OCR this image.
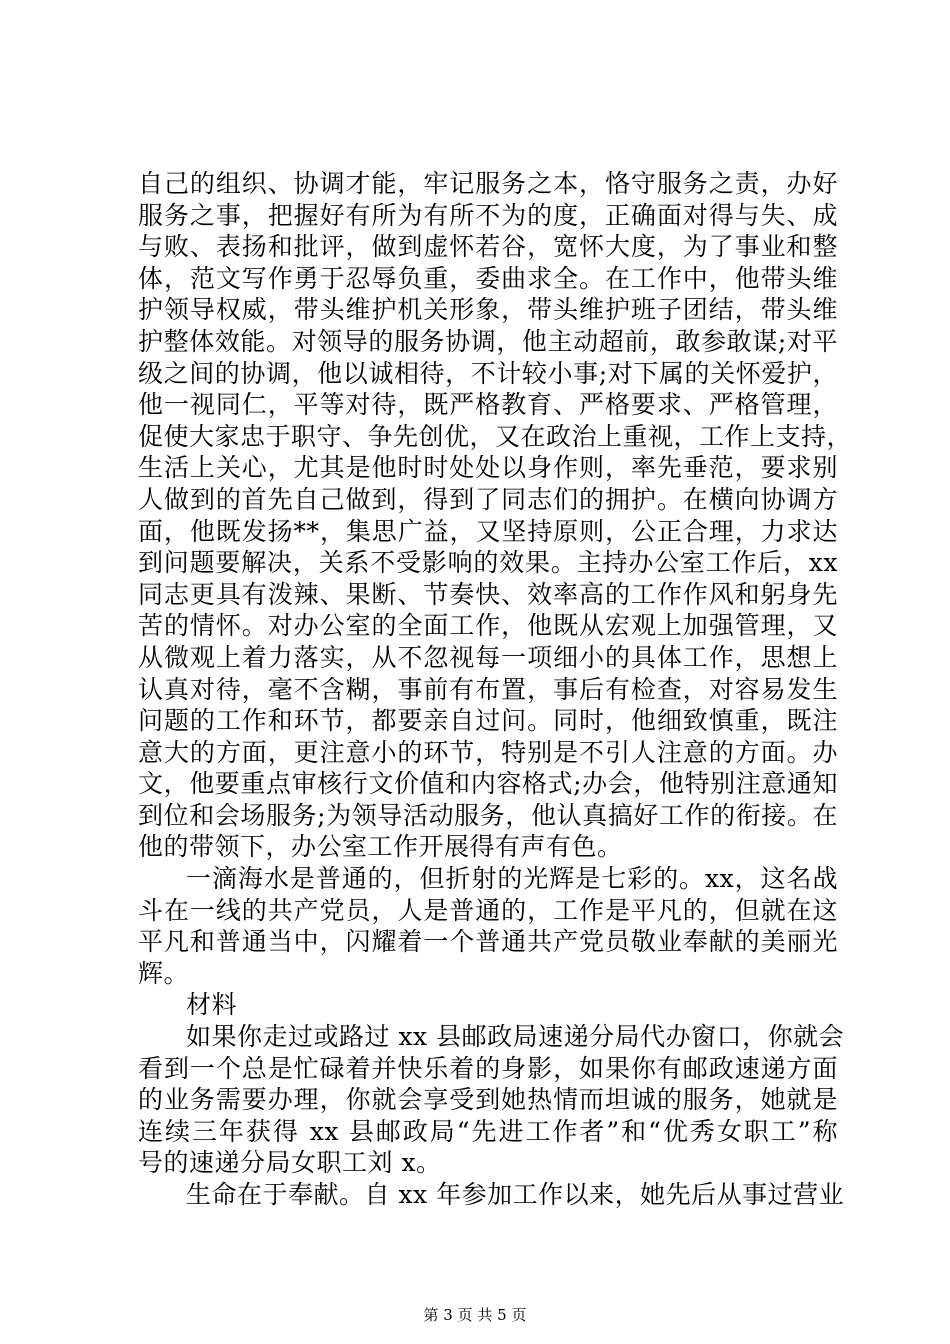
自己的组织、协调才能，牢记服务之本，恪守服务之责，办好
服务之事，把握好有所为有所不为的度，正确面对得与失、成
与败、表扬和批评，做到虚怀若谷，宽怀大度，为了事业和整
体，范文写作勇于忍辱负重，委曲求全。在工作中，他带头维
护领导权威，带头维护机关形象，带头维护班子团结，带头维
护整体效能。对领导的服务协调，他主动超前，敢参敢谋;对平
级之间的协调，他以诚相待，不计较小事;对下属的关怀爱护，
他一视同仁，平等对待，既严格教育、严格要求、严格管理，
促使大家忠于职守、争先创优，又在政治上重视，工作上支持，
生活上关心，尤其是他时时处处以身作则，率先垂范，要求别
人做到的首先自己做到，得到了同志们的拥护。在横向协调方
面，他既发扬**，集思广益，又坚持原则，公正合理，力求达
到问题要解决，关系不受影响的效果。主持办公室工作后，xx
同志更具有泼辣、果断、节奏快、效率高的工作作风和躬身先
苦的情怀。对办公室的全面工作，他既从宏观上加强管理，又
从微观上着力落实，从不忽视每一项细小的具体工作，思想上
认真对待，毫不含糊，事前有布置，事后有检查，对容易发生
问题的工作和环节，都要亲自过问。同时，他细致慎重，既注
意大的方面，更注意小的环节，特别是不引人注意的方面。办
文，他要重点审核行文价值和内容格式;办会，他特别注意通知
到位和会场服务;为领导活动服务，他认真搞好工作的衔接。在
他的带领下，办公室工作开展得有声有色。
一滴海水是普通的，但折射的光辉是七彩的。xx，这名战
斗在一线的共产党员，人是普通的，工作是平凡的，但就在这
平凡和普通当中，闪耀着一个普通共产党员敬业奉献的美丽光
辉。
材料
如果你走过或路过 xx 县邮政局速递分局代办窗口，你就会
看到一个总是忙碌着并快乐着的身影，如果你有邮政速递方面
的业务需要办理，你就会享受到她热情而坦诚的服务，她就是
连续三年获得 xx 县邮政局“先进工作者”和“优秀女职工”称
号的速递分局女职工刘 x。
生命在于奉献。自 xx 年参加工作以来，她先后从事过营业
第 3 页 共 5 页
